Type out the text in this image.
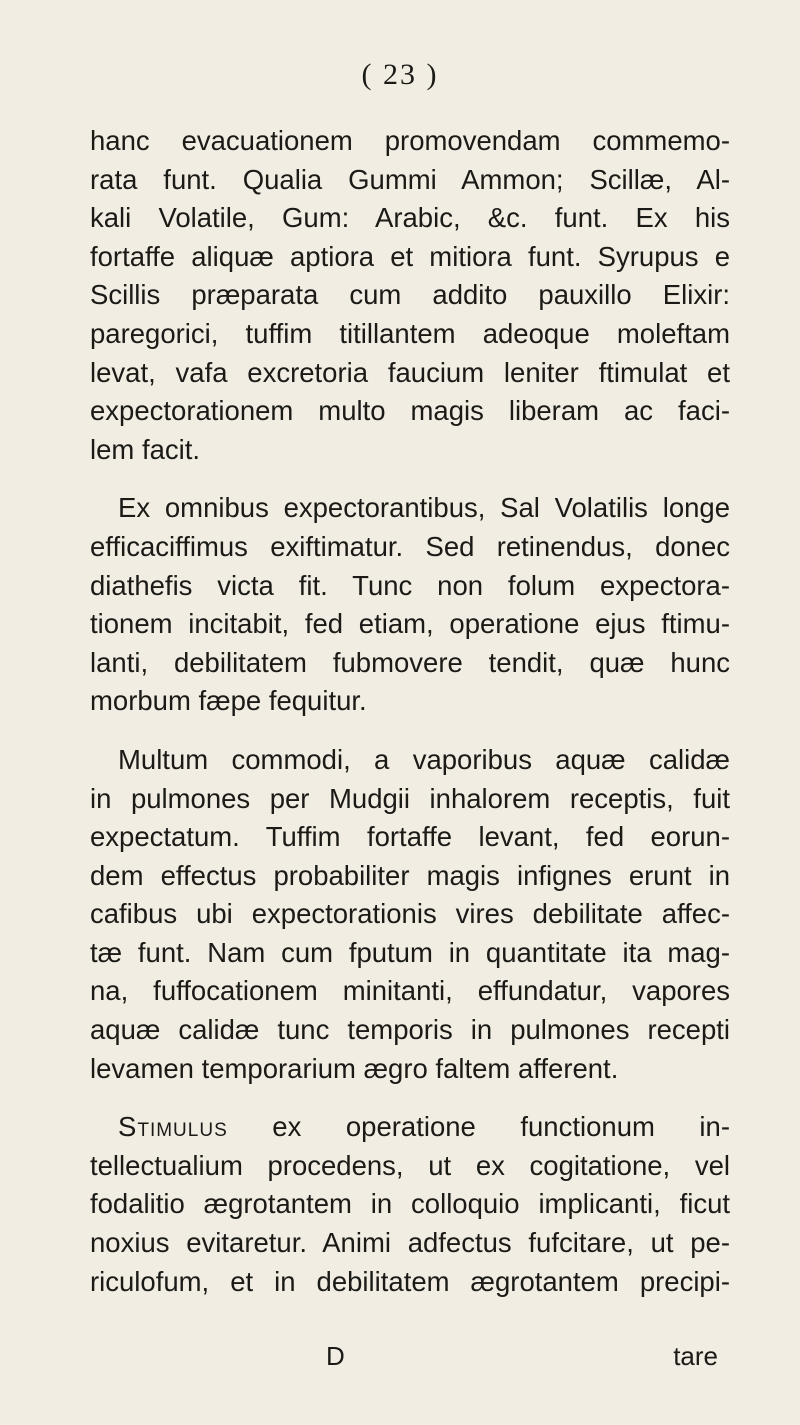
( 23 )
hanc evacuationem promovendam commemo-
rata funt. Qualia Gummi Ammon; Scillæ, Al-
kali Volatile, Gum: Arabic, &c. funt. Ex his
fortaffe aliquæ aptiora et mitiora funt. Syrupus e
Scillis præparata cum addito pauxillo Elixir:
paregorici, tuffim titillantem adeoque moleftam
levat, vafa excretoria faucium leniter ftimulat et
expectorationem multo magis liberam ac faci-
lem facit.
Ex omnibus expectorantibus, Sal Volatilis longe
efficaciffimus exiftimatur. Sed retinendus, donec
diathefis victa fit. Tunc non folum expectora-
tionem incitabit, fed etiam, operatione ejus ftimu-
lanti, debilitatem fubmovere tendit, quæ hunc
morbum fæpe fequitur.
Multum commodi, a vaporibus aquæ calidæ
in pulmones per Mudgii inhalorem receptis, fuit
expectatum. Tuffim fortaffe levant, fed eorun-
dem effectus probabiliter magis infignes erunt in
cafibus ubi expectorationis vires debilitate affec-
tæ funt. Nam cum fputum in quantitate ita mag-
na, fuffocationem minitanti, effundatur, vapores
aquæ calidæ tunc temporis in pulmones recepti
levamen temporarium ægro faltem afferent.
Stimulus ex operatione functionum in-
tellectualium procedens, ut ex cogitatione, vel
fodalitio ægrotantem in colloquio implicanti, ficut
noxius evitaretur. Animi adfectus fufcitare, ut pe-
riculofum, et in debilitatem ægrotantem precipi-
D	tare
